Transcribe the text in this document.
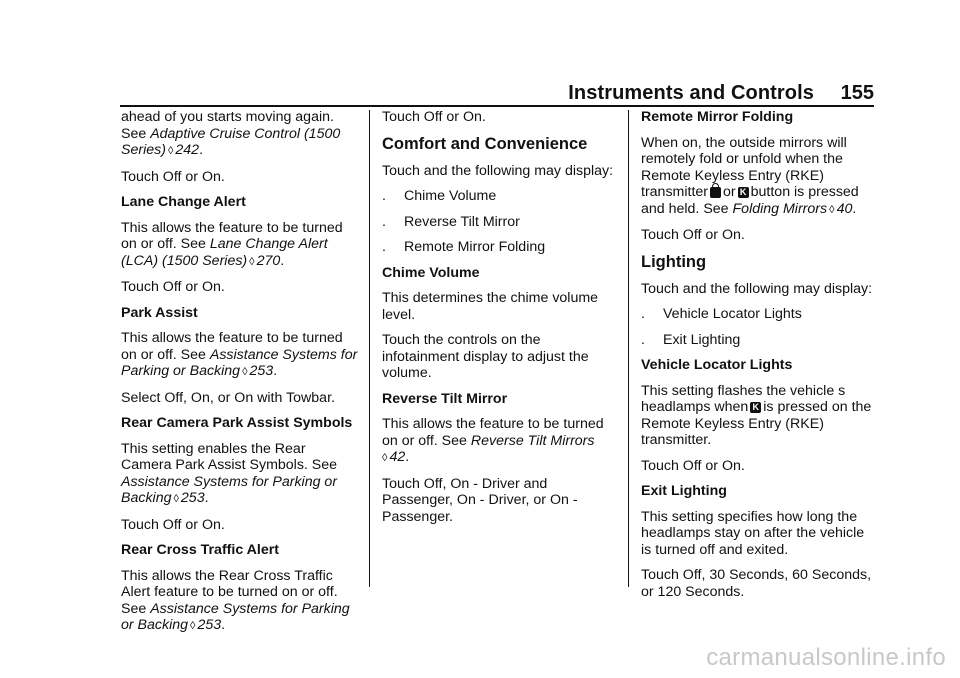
Instruments and Controls 155

ahead of you starts moving again. See Adaptive Cruise Control (1500 Series) ◊ 242.

Touch Off or On.

Lane Change Alert

This allows the feature to be turned on or off. See Lane Change Alert (LCA) (1500 Series) ◊ 270.

Touch Off or On.

Park Assist

This allows the feature to be turned on or off. See Assistance Systems for Parking or Backing ◊ 253.

Select Off, On, or On with Towbar.

Rear Camera Park Assist Symbols

This setting enables the Rear Camera Park Assist Symbols. See Assistance Systems for Parking or Backing ◊ 253.

Touch Off or On.

Rear Cross Traffic Alert

This allows the Rear Cross Traffic Alert feature to be turned on or off. See Assistance Systems for Parking or Backing ◊ 253.

Touch Off or On.

Comfort and Convenience

Touch and the following may display:

.	Chime Volume
.	Reverse Tilt Mirror
.	Remote Mirror Folding

Chime Volume

This determines the chime volume level.

Touch the controls on the infotainment display to adjust the volume.

Reverse Tilt Mirror

This allows the feature to be turned on or off. See Reverse Tilt Mirrors
◊ 42.

Touch Off, On - Driver and Passenger, On - Driver, or On - Passenger.

Remote Mirror Folding

When on, the outside mirrors will remotely fold or unfold when the Remote Keyless Entry (RKE) transmitter or K button is pressed and held. See Folding Mirrors ◊ 40.

Touch Off or On.

Lighting

Touch and the following may display:

.	Vehicle Locator Lights
.	Exit Lighting

Vehicle Locator Lights

This setting flashes the vehicle s headlamps when K is pressed on the Remote Keyless Entry (RKE) transmitter.

Touch Off or On.

Exit Lighting

This setting specifies how long the headlamps stay on after the vehicle is turned off and exited.

Touch Off, 30 Seconds, 60 Seconds, or 120 Seconds.

carmanualsonline.info
